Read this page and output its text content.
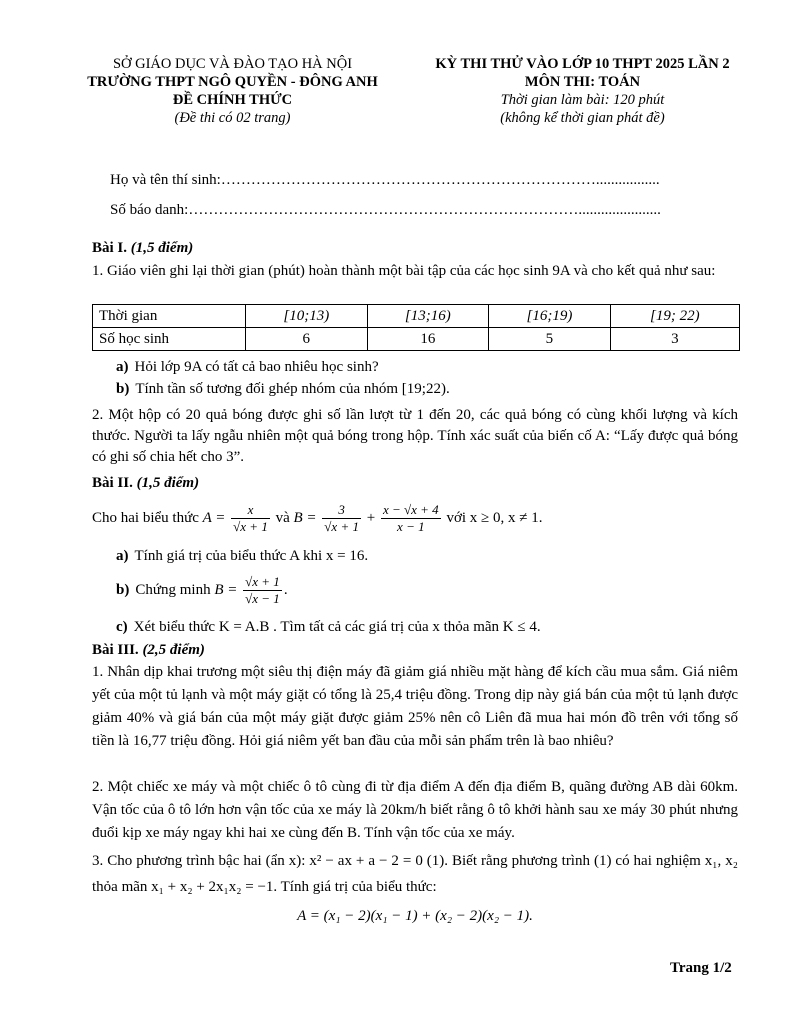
SỞ GIÁO DỤC VÀ ĐÀO TẠO HÀ NỘI
TRƯỜNG THPT NGÔ QUYỀN - ĐÔNG ANH
ĐỀ CHÍNH THỨC
(Đề thi có 02 trang)
KỲ THI THỬ VÀO LỚP 10 THPT 2025 LẦN 2
MÔN THI: TOÁN
Thời gian làm bài: 120 phút
(không kể thời gian phát đề)
Họ và tên thí sinh:………………………………………………………………….................
Số báo danh:……………………………………………………………………......................
Bài I. (1,5 điểm)
1. Giáo viên ghi lại thời gian (phút) hoàn thành một bài tập của các học sinh 9A và cho kết quả như sau:
Thời gian	[10;13)	[13;16)	[16;19)	[19; 22)
Số học sinh	6	16	5	3
a) Hỏi lớp 9A có tất cả bao nhiêu học sinh?
b) Tính tần số tương đối ghép nhóm của nhóm [19;22).
2. Một hộp có 20 quả bóng được ghi số lần lượt từ 1 đến 20, các quả bóng có cùng khối lượng và kích thước. Người ta lấy ngẫu nhiên một quả bóng trong hộp. Tính xác suất của biến cố A: “Lấy được quả bóng có ghi số chia hết cho 3”.
Bài II. (1,5 điểm)
Cho hai biểu thức $A = \frac{x}{√x + 1}$ và $B = \frac{3}{√x + 1} + \frac{x - √x + 4}{x - 1}$ với x ≥ 0, x ≠ 1.
a) Tính giá trị của biểu thức A khi x = 16.
b) Chứng minh $B = \frac{√x + 1}{√x - 1}$ .
c) Xét biểu thức K = A.B . Tìm tất cả các giá trị của x thỏa mãn K ≤ 4.
Bài III. (2,5 điểm)
1. Nhân dịp khai trương một siêu thị điện máy đã giảm giá nhiều mặt hàng để kích cầu mua sắm. Giá niêm yết của một tủ lạnh và một máy giặt có tổng là 25,4 triệu đồng. Trong dịp này giá bán của một tủ lạnh được giảm 40% và giá bán của một máy giặt được giảm 25% nên cô Liên đã mua hai món đồ trên với tổng số tiền là 16,77 triệu đồng. Hỏi giá niêm yết ban đầu của mỗi sản phẩm trên là bao nhiêu?
2. Một chiếc xe máy và một chiếc ô tô cùng đi từ địa điểm A đến địa điểm B, quãng đường AB dài 60km. Vận tốc của ô tô lớn hơn vận tốc của xe máy là 20km/h biết rằng ô tô khởi hành sau xe máy 30 phút nhưng đuổi kịp xe máy ngay khi hai xe cùng đến B. Tính vận tốc của xe máy.
3. Cho phương trình bậc hai (ẩn x): x² − ax + a − 2 = 0 (1). Biết rằng phương trình (1) có hai nghiệm x₁, x₂ thỏa mãn x₁ + x₂ + 2x₁x₂ = −1. Tính giá trị của biểu thức:
A = (x₁ − 2)(x₁ − 1) + (x₂ − 2)(x₂ − 1).
Trang 1/2
